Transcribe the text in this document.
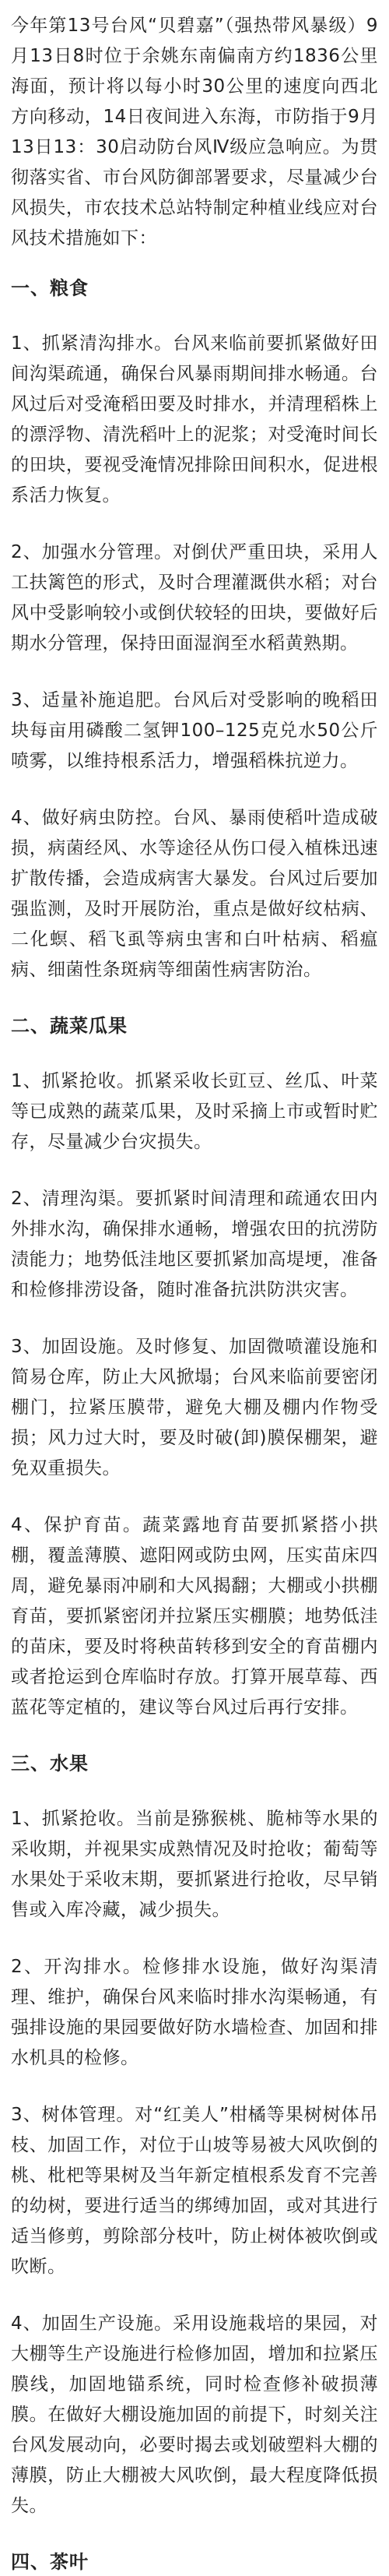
今年第13号台风“贝碧嘉”（强热带风暴级）9月13日8时位于余姚东南偏南方约1836公里海面，预计将以每小时30公里的速度向西北方向移动，14日夜间进入东海，市防指于9月13日13：30启动防台风Ⅳ级应急响应。为贯彻落实省、市台风防御部署要求，尽量减少台风损失，市农技术总站特制定种植业线应对台风技术措施如下：

一、粮食

1、抓紧清沟排水。台风来临前要抓紧做好田间沟渠疏通，确保台风暴雨期间排水畅通。台风过后对受淹稻田要及时排水，并清理稻株上的漂浮物、清洗稻叶上的泥浆；对受淹时间长的田块，要视受淹情况排除田间积水，促进根系活力恢复。

2、加强水分管理。对倒伏严重田块，采用人工扶篱笆的形式，及时合理灌溉供水稻；对台风中受影响较小或倒伏较轻的田块，要做好后期水分管理，保持田面湿润至水稻黄熟期。

3、适量补施追肥。台风后对受影响的晚稻田块每亩用磷酸二氢钾100–125克兑水50公斤喷雾，以维持根系活力，增强稻株抗逆力。

4、做好病虫防控。台风、暴雨使稻叶造成破损，病菌经风、水等途径从伤口侵入植株迅速扩散传播，会造成病害大暴发。台风过后要加强监测，及时开展防治，重点是做好纹枯病、二化螟、稻飞虱等病虫害和白叶枯病、稻瘟病、细菌性条斑病等细菌性病害防治。

二、蔬菜瓜果

1、抓紧抢收。抓紧采收长豇豆、丝瓜、叶菜等已成熟的蔬菜瓜果，及时采摘上市或暂时贮存，尽量减少台灾损失。

2、清理沟渠。要抓紧时间清理和疏通农田内外排水沟，确保排水通畅，增强农田的抗涝防渍能力；地势低洼地区要抓紧加高堤埂，准备和检修排涝设备，随时准备抗洪防洪灾害。

3、加固设施。及时修复、加固微喷灌设施和简易仓库，防止大风掀塌；台风来临前要密闭棚门，拉紧压膜带，避免大棚及棚内作物受损；风力过大时，要及时破(卸)膜保棚架，避免双重损失。

4、保护育苗。蔬菜露地育苗要抓紧搭小拱棚，覆盖薄膜、遮阳网或防虫网，压实苗床四周，避免暴雨冲刷和大风揭翻；大棚或小拱棚育苗，要抓紧密闭并拉紧压实棚膜；地势低洼的苗床，要及时将秧苗转移到安全的育苗棚内或者抢运到仓库临时存放。打算开展草莓、西蓝花等定植的，建议等台风过后再行安排。

三、水果

1、抓紧抢收。当前是猕猴桃、脆柿等水果的采收期，并视果实成熟情况及时抢收；葡萄等水果处于采收末期，要抓紧进行抢收，尽早销售或入库冷藏，减少损失。

2、开沟排水。检修排水设施，做好沟渠清理、维护，确保台风来临时排水沟渠畅通，有强排设施的果园要做好防水墙检查、加固和排水机具的检修。

3、树体管理。对“红美人”柑橘等果树树体吊枝、加固工作，对位于山坡等易被大风吹倒的桃、枇杷等果树及当年新定植根系发育不完善的幼树，要进行适当的绑缚加固，或对其进行适当修剪，剪除部分枝叶，防止树体被吹倒或吹断。

4、加固生产设施。采用设施栽培的果园，对大棚等生产设施进行检修加固，增加和拉紧压膜线，加固地锚系统，同时检查修补破损薄膜。在做好大棚设施加固的前提下，时刻关注台风发展动向，必要时揭去或划破塑料大棚的薄膜，防止大棚被大风吹倒，最大程度降低损失。

四、茶叶
